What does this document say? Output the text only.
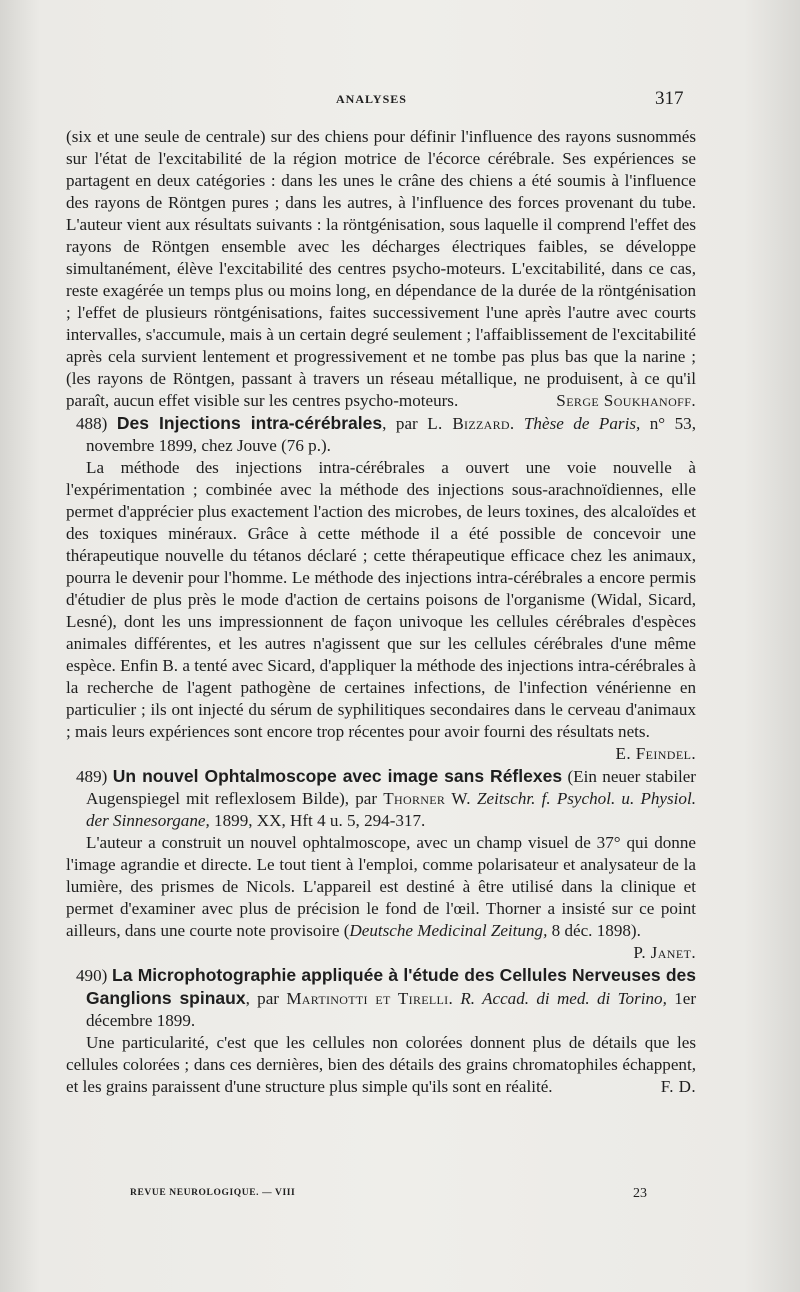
ANALYSES	317

(six et une seule de centrale) sur des chiens pour définir l'influence des rayons susnommés sur l'état de l'excitabilité de la région motrice de l'écorce cérébrale. Ses expériences se partagent en deux catégories : dans les unes le crâne des chiens a été soumis à l'influence des rayons de Röntgen pures ; dans les autres, à l'influence des forces provenant du tube. L'auteur vient aux résultats suivants : la röntgénisation, sous laquelle il comprend l'effet des rayons de Röntgen ensemble avec les décharges électriques faibles, se développe simultanément, élève l'excitabilité des centres psycho-moteurs. L'excitabilité, dans ce cas, reste exagérée un temps plus ou moins long, en dépendance de la durée de la röntgénisation ; l'effet de plusieurs röntgénisations, faites successivement l'une après l'autre avec courts intervalles, s'accumule, mais à un certain degré seulement ; l'affaiblissement de l'excitabilité après cela survient lentement et progressivement et ne tombe pas plus bas que la narine ; (les rayons de Röntgen, passant à travers un réseau métallique, ne produisent, à ce qu'il paraît, aucun effet visible sur les centres psycho-moteurs.	Serge Soukhanoff.

488) Des Injections intra-cérébrales, par L. Bizzard. Thèse de Paris, n° 53, novembre 1899, chez Jouve (76 p.).

La méthode des injections intra-cérébrales a ouvert une voie nouvelle à l'expérimentation ; combinée avec la méthode des injections sous-arachnoïdiennes, elle permet d'apprécier plus exactement l'action des microbes, de leurs toxines, des alcaloïdes et des toxiques minéraux. Grâce à cette méthode il a été possible de concevoir une thérapeutique nouvelle du tétanos déclaré ; cette thérapeutique efficace chez les animaux, pourra le devenir pour l'homme. Le méthode des injections intra-cérébrales a encore permis d'étudier de plus près le mode d'action de certains poisons de l'organisme (Widal, Sicard, Lesné), dont les uns impressionnent de façon univoque les cellules cérébrales d'espèces animales différentes, et les autres n'agissent que sur les cellules cérébrales d'une même espèce. Enfin B. a tenté avec Sicard, d'appliquer la méthode des injections intra-cérébrales à la recherche de l'agent pathogène de certaines infections, de l'infection vénérienne en particulier ; ils ont injecté du sérum de syphilitiques secondaires dans le cerveau d'animaux ; mais leurs expériences sont encore trop récentes pour avoir fourni des résultats nets.
E. Feindel.

489) Un nouvel Ophtalmoscope avec image sans Réflexes (Ein neuer stabiler Augenspiegel mit reflexlosem Bilde), par Thorner W. Zeitschr. f. Psychol. u. Physiol. der Sinnesorgane, 1899, XX, Hft 4 u. 5, 294-317.

L'auteur a construit un nouvel ophtalmoscope, avec un champ visuel de 37° qui donne l'image agrandie et directe. Le tout tient à l'emploi, comme polarisateur et analysateur de la lumière, des prismes de Nicols. L'appareil est destiné à être utilisé dans la clinique et permet d'examiner avec plus de précision le fond de l'œil. Thorner a insisté sur ce point ailleurs, dans une courte note provisoire (Deutsche Medicinal Zeitung, 8 déc. 1898).
P. Janet.

490) La Microphotographie appliquée à l'étude des Cellules Nerveuses des Ganglions spinaux, par Martinotti et Tirelli. R. Accad. di med. di Torino, 1er décembre 1899.

Une particularité, c'est que les cellules non colorées donnent plus de détails que les cellules colorées ; dans ces dernières, bien des détails des grains chromatophiles échappent, et les grains paraissent d'une structure plus simple qu'ils sont en réalité.	F. D.

REVUE NEUROLOGIQUE. — VIII	23
